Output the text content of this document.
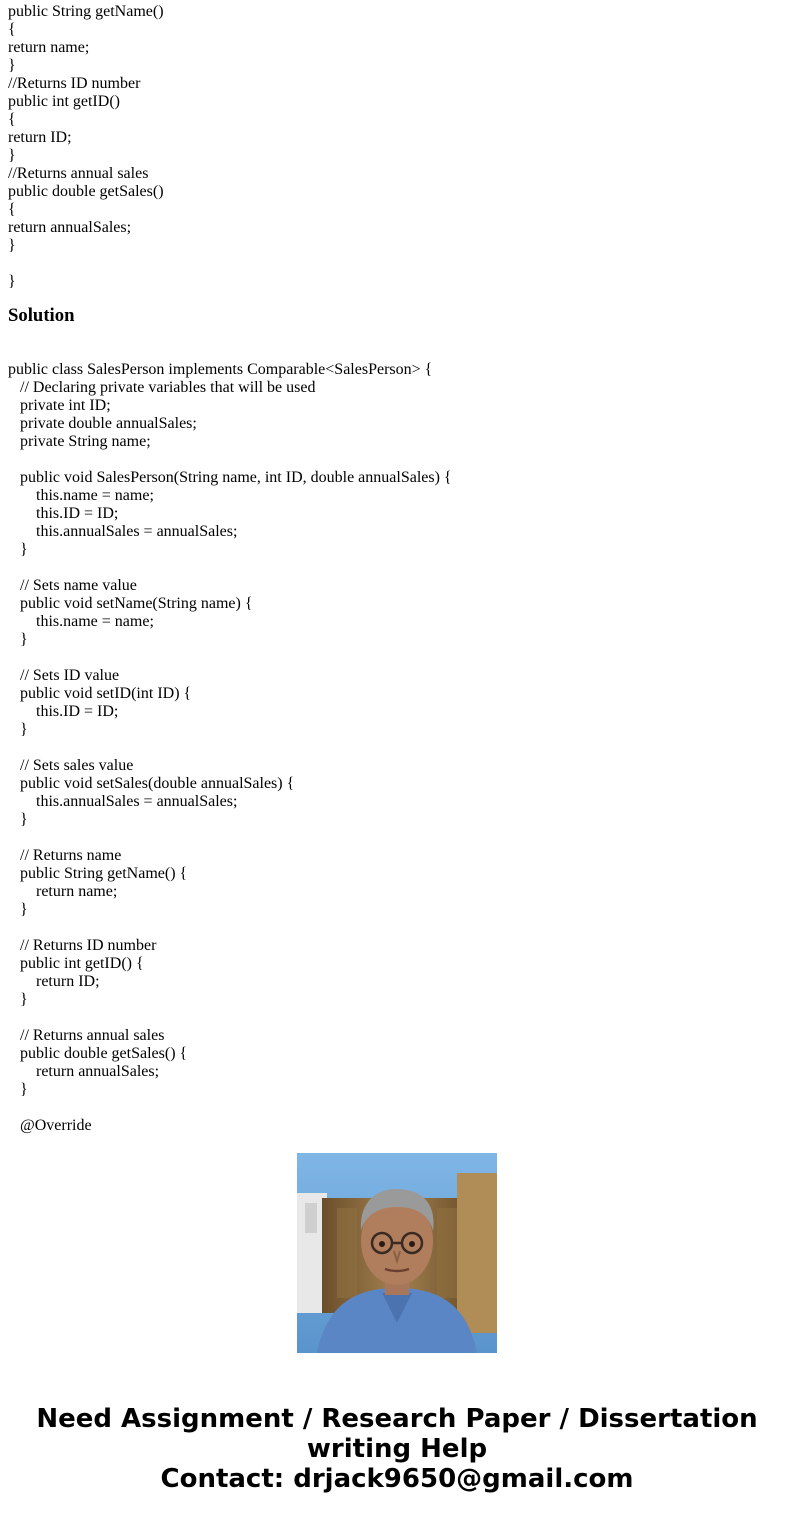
public String getName()
{
return name;
}
//Returns ID number
public int getID()
{
return ID;
}
//Returns annual sales
public double getSales()
{
return annualSales;
}
}
Solution
public class SalesPerson implements Comparable<SalesPerson> {
// Declaring private variables that will be used
private int ID;
private double annualSales;
private String name;
public void SalesPerson(String name, int ID, double annualSales) {
this.name = name;
this.ID = ID;
this.annualSales = annualSales;
}
// Sets name value
public void setName(String name) {
this.name = name;
}
// Sets ID value
public void setID(int ID) {
this.ID = ID;
}
// Sets sales value
public void setSales(double annualSales) {
this.annualSales = annualSales;
}
// Returns name
public String getName() {
return name;
}
// Returns ID number
public int getID() {
return ID;
}
// Returns annual sales
public double getSales() {
return annualSales;
}
@Override
Need Assignment / Research Paper / Dissertation
writing Help
Contact: drjack9650@gmail.com
